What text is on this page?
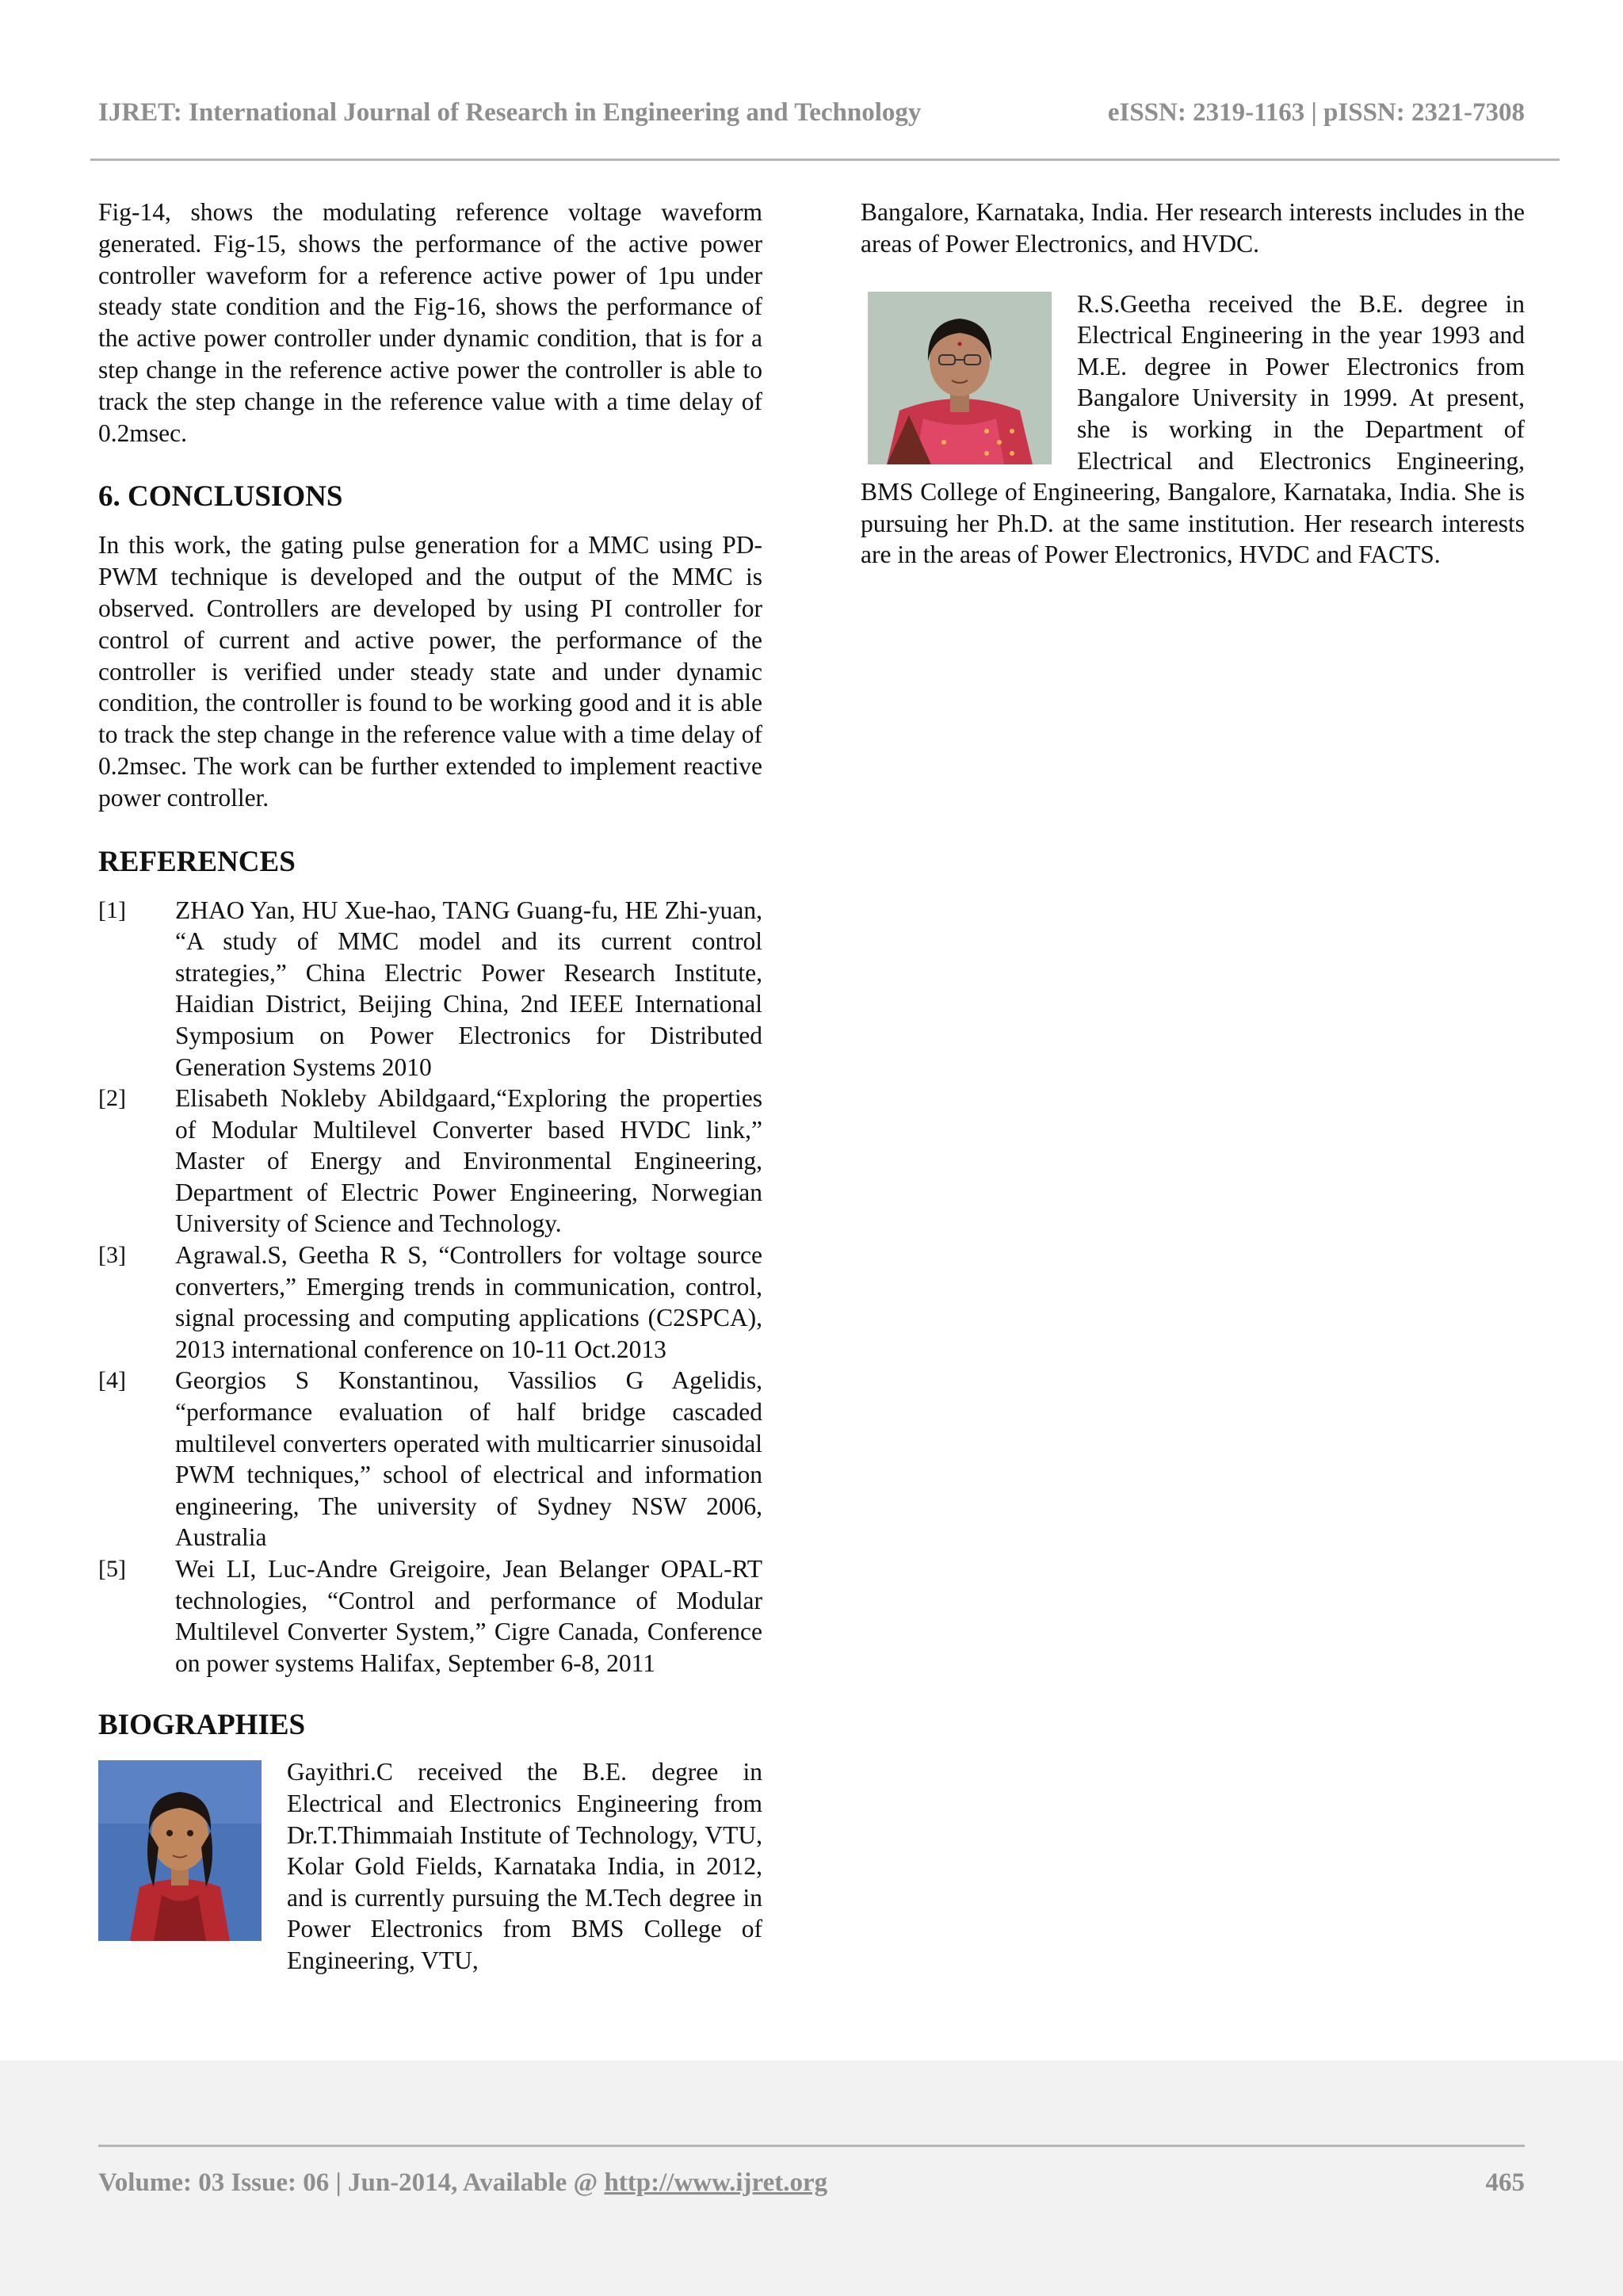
IJRET: International Journal of Research in Engineering and Technology	eISSN: 2319-1163 | pISSN: 2321-7308

Fig-14, shows the modulating reference voltage waveform generated. Fig-15, shows the performance of the active power controller waveform for a reference active power of 1pu under steady state condition and the Fig-16, shows the performance of the active power controller under dynamic condition, that is for a step change in the reference active power the controller is able to track the step change in the reference value with a time delay of 0.2msec.

6. CONCLUSIONS

In this work, the gating pulse generation for a MMC using PD-PWM technique is developed and the output of the MMC is observed. Controllers are developed by using PI controller for control of current and active power, the performance of the controller is verified under steady state and under dynamic condition, the controller is found to be working good and it is able to track the step change in the reference value with a time delay of 0.2msec. The work can be further extended to implement reactive power controller.

REFERENCES
[1]	ZHAO Yan, HU Xue-hao, TANG Guang-fu, HE Zhi-yuan, “A study of MMC model and its current control strategies,” China Electric Power Research Institute, Haidian District, Beijing China, 2nd IEEE International Symposium on Power Electronics for Distributed Generation Systems 2010
[2]	Elisabeth Nokleby Abildgaard,“Exploring the properties of Modular Multilevel Converter based HVDC link,” Master of Energy and Environmental Engineering, Department of Electric Power Engineering, Norwegian University of Science and Technology.
[3]	Agrawal.S, Geetha R S, “Controllers for voltage source converters,” Emerging trends in communication, control, signal processing and computing applications (C2SPCA), 2013 international conference on 10-11 Oct.2013
[4]	Georgios S Konstantinou, Vassilios G Agelidis, “performance evaluation of half bridge cascaded multilevel converters operated with multicarrier sinusoidal PWM techniques,” school of electrical and information engineering, The university of Sydney NSW 2006, Australia
[5]	Wei LI, Luc-Andre Greigoire, Jean Belanger OPAL-RT technologies, “Control and performance of Modular Multilevel Converter System,” Cigre Canada, Conference on power systems Halifax, September 6-8, 2011
BIOGRAPHIES

Gayithri.C received the B.E. degree in Electrical and Electronics Engineering from Dr.T.Thimmaiah Institute of Technology, VTU, Kolar Gold Fields, Karnataka India, in 2012, and is currently pursuing the M.Tech degree in Power Electronics from BMS College of Engineering, VTU,

Bangalore, Karnataka, India. Her research interests includes in the areas of Power Electronics, and HVDC.

R.S.Geetha received the B.E. degree in Electrical Engineering in the year 1993 and M.E. degree in Power Electronics from Bangalore University in 1999. At present, she is working in the Department of Electrical and Electronics Engineering, BMS College of Engineering, Bangalore, Karnataka, India. She is pursuing her Ph.D. at the same institution. Her research interests are in the areas of Power Electronics, HVDC and FACTS.

Volume: 03 Issue: 06 | Jun-2014, Available @ http://www.ijret.org	465
